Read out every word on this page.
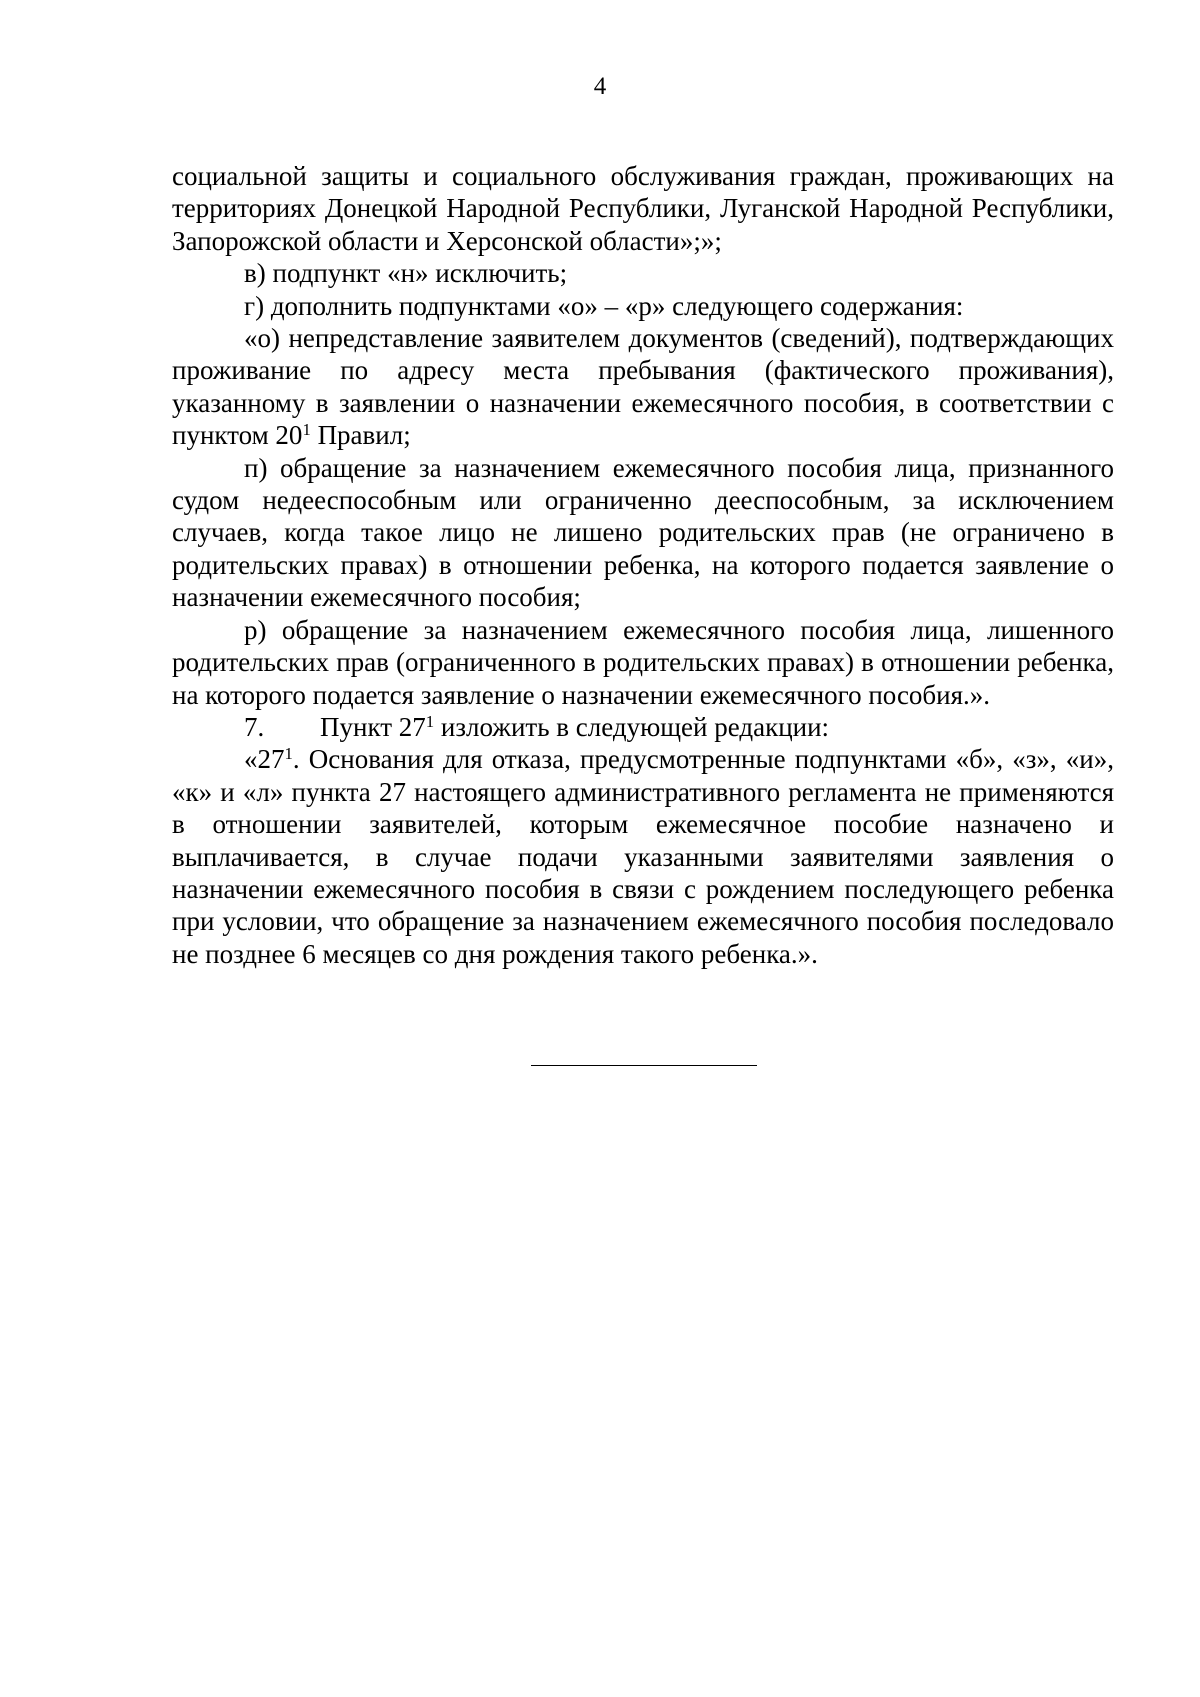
4

социальной защиты и социального обслуживания граждан, проживающих на территориях Донецкой Народной Республики, Луганской Народной Республики, Запорожской области и Херсонской области»;»;

в) подпункт «н» исключить;

г) дополнить подпунктами «о» – «р» следующего содержания:

«о) непредставление заявителем документов (сведений), подтверждающих проживание по адресу места пребывания (фактического проживания), указанному в заявлении о назначении ежемесячного пособия, в соответствии с пунктом $20^1$ Правил;

п) обращение за назначением ежемесячного пособия лица, признанного судом недееспособным или ограниченно дееспособным, за исключением случаев, когда такое лицо не лишено родительских прав (не ограничено в родительских правах) в отношении ребенка, на которого подается заявление о назначении ежемесячного пособия;

р) обращение за назначением ежемесячного пособия лица, лишенного родительских прав (ограниченного в родительских правах) в отношении ребенка, на которого подается заявление о назначении ежемесячного пособия.».

7. Пункт $27^1$ изложить в следующей редакции:

«$27^1$. Основания для отказа, предусмотренные подпунктами «б», «з», «и», «к» и «л» пункта 27 настоящего административного регламента не применяются в отношении заявителей, которым ежемесячное пособие назначено и выплачивается, в случае подачи указанными заявителями заявления о назначении ежемесячного пособия в связи с рождением последующего ребенка при условии, что обращение за назначением ежемесячного пособия последовало не позднее 6 месяцев со дня рождения такого ребенка.».
